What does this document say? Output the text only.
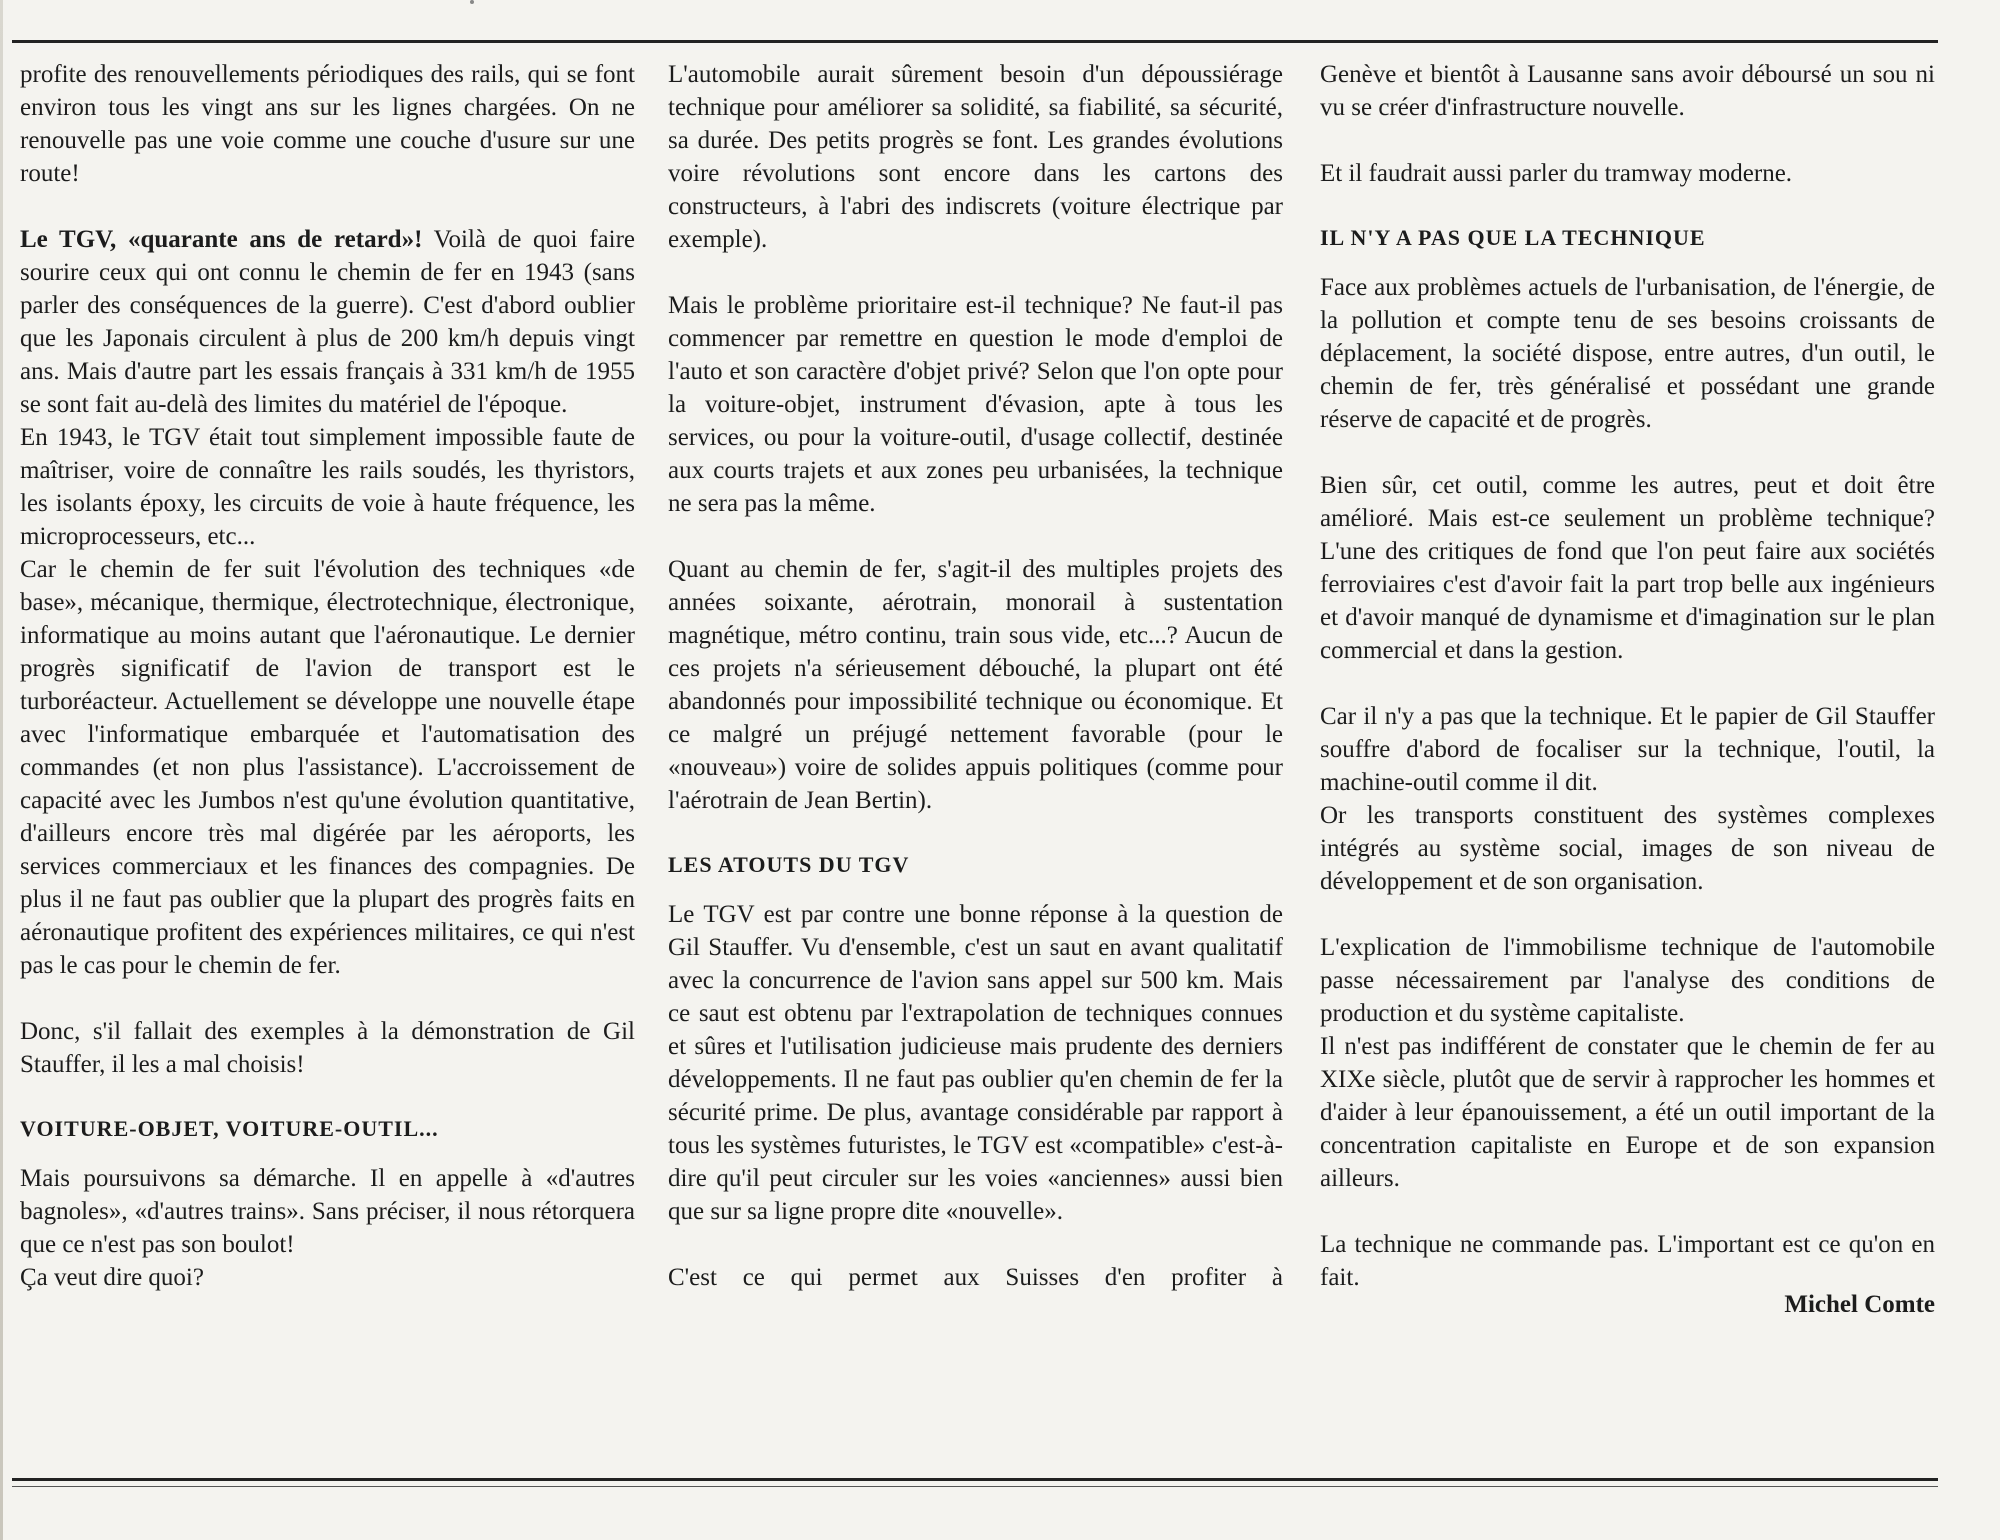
profite des renouvellements périodiques des rails, qui se font environ tous les vingt ans sur les lignes chargées. On ne renouvelle pas une voie comme une couche d'usure sur une route!

Le TGV, «quarante ans de retard»! Voilà de quoi faire sourire ceux qui ont connu le chemin de fer en 1943 (sans parler des conséquences de la guerre). C'est d'abord oublier que les Japonais circulent à plus de 200 km/h depuis vingt ans. Mais d'autre part les essais français à 331 km/h de 1955 se sont fait au-delà des limites du matériel de l'époque.

En 1943, le TGV était tout simplement impossible faute de maîtriser, voire de connaître les rails soudés, les thyristors, les isolants époxy, les circuits de voie à haute fréquence, les microprocesseurs, etc...

Car le chemin de fer suit l'évolution des techniques «de base», mécanique, thermique, électrotechnique, électronique, informatique au moins autant que l'aéronautique. Le dernier progrès significatif de l'avion de transport est le turboréacteur. Actuellement se développe une nouvelle étape avec l'informatique embarquée et l'automatisation des commandes (et non plus l'assistance). L'accroissement de capacité avec les Jumbos n'est qu'une évolution quantitative, d'ailleurs encore très mal digérée par les aéroports, les services commerciaux et les finances des compagnies. De plus il ne faut pas oublier que la plupart des progrès faits en aéronautique profitent des expériences militaires, ce qui n'est pas le cas pour le chemin de fer.

Donc, s'il fallait des exemples à la démonstration de Gil Stauffer, il les a mal choisis!

VOITURE-OBJET, VOITURE-OUTIL...

Mais poursuivons sa démarche. Il en appelle à «d'autres bagnoles», «d'autres trains». Sans préciser, il nous rétorquera que ce n'est pas son boulot!

Ça veut dire quoi?

L'automobile aurait sûrement besoin d'un dépoussiérage technique pour améliorer sa solidité, sa fiabilité, sa sécurité, sa durée. Des petits progrès se font. Les grandes évolutions voire révolutions sont encore dans les cartons des constructeurs, à l'abri des indiscrets (voiture électrique par exemple).

Mais le problème prioritaire est-il technique? Ne faut-il pas commencer par remettre en question le mode d'emploi de l'auto et son caractère d'objet privé? Selon que l'on opte pour la voiture-objet, instrument d'évasion, apte à tous les services, ou pour la voiture-outil, d'usage collectif, destinée aux courts trajets et aux zones peu urbanisées, la technique ne sera pas la même.

Quant au chemin de fer, s'agit-il des multiples projets des années soixante, aérotrain, monorail à sustentation magnétique, métro continu, train sous vide, etc...? Aucun de ces projets n'a sérieusement débouché, la plupart ont été abandonnés pour impossibilité technique ou économique. Et ce malgré un préjugé nettement favorable (pour le «nouveau») voire de solides appuis politiques (comme pour l'aérotrain de Jean Bertin).

LES ATOUTS DU TGV

Le TGV est par contre une bonne réponse à la question de Gil Stauffer. Vu d'ensemble, c'est un saut en avant qualitatif avec la concurrence de l'avion sans appel sur 500 km. Mais ce saut est obtenu par l'extrapolation de techniques connues et sûres et l'utilisation judicieuse mais prudente des derniers développements. Il ne faut pas oublier qu'en chemin de fer la sécurité prime. De plus, avantage considérable par rapport à tous les systèmes futuristes, le TGV est «compatible» c'est-à-dire qu'il peut circuler sur les voies «anciennes» aussi bien que sur sa ligne propre dite «nouvelle».

C'est ce qui permet aux Suisses d'en profiter à

Genève et bientôt à Lausanne sans avoir déboursé un sou ni vu se créer d'infrastructure nouvelle.

Et il faudrait aussi parler du tramway moderne.

IL N'Y A PAS QUE LA TECHNIQUE

Face aux problèmes actuels de l'urbanisation, de l'énergie, de la pollution et compte tenu de ses besoins croissants de déplacement, la société dispose, entre autres, d'un outil, le chemin de fer, très généralisé et possédant une grande réserve de capacité et de progrès.

Bien sûr, cet outil, comme les autres, peut et doit être amélioré. Mais est-ce seulement un problème technique? L'une des critiques de fond que l'on peut faire aux sociétés ferroviaires c'est d'avoir fait la part trop belle aux ingénieurs et d'avoir manqué de dynamisme et d'imagination sur le plan commercial et dans la gestion.

Car il n'y a pas que la technique. Et le papier de Gil Stauffer souffre d'abord de focaliser sur la technique, l'outil, la machine-outil comme il dit.

Or les transports constituent des systèmes complexes intégrés au système social, images de son niveau de développement et de son organisation.

L'explication de l'immobilisme technique de l'automobile passe nécessairement par l'analyse des conditions de production et du système capitaliste.

Il n'est pas indifférent de constater que le chemin de fer au XIXe siècle, plutôt que de servir à rapprocher les hommes et d'aider à leur épanouissement, a été un outil important de la concentration capitaliste en Europe et de son expansion ailleurs.

La technique ne commande pas. L'important est ce qu'on en fait.

Michel Comte
